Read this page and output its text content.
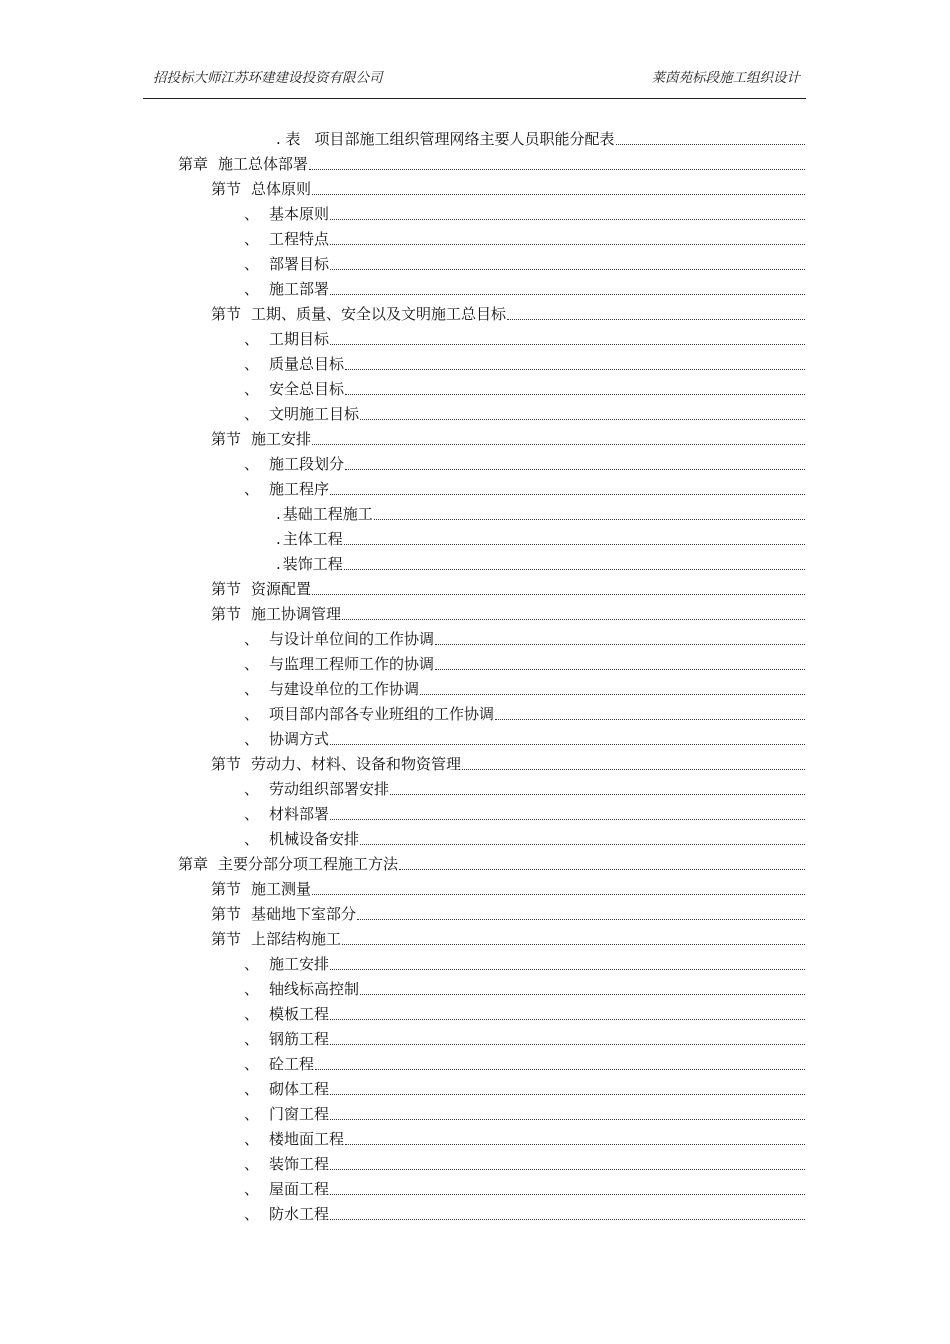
招投标大师江苏环建建设投资有限公司	莱茵苑标段施工组织设计
. 表 项目部施工组织管理网络主要人员职能分配表
第章 施工总体部署
第节 总体原则
、 基本原则
、 工程特点
、 部署目标
、 施工部署
第节 工期、质量、安全以及文明施工总目标
、 工期目标
、 质量总目标
、 安全总目标
、 文明施工目标
第节 施工安排
、 施工段划分
、 施工程序
. 基础工程施工
. 主体工程
. 装饰工程
第节 资源配置
第节 施工协调管理
、 与设计单位间的工作协调
、 与监理工程师工作的协调
、 与建设单位的工作协调
、 项目部内部各专业班组的工作协调
、 协调方式
第节 劳动力、材料、设备和物资管理
、 劳动组织部署安排
、 材料部署
、 机械设备安排
第章 主要分部分项工程施工方法
第节 施工测量
第节 基础地下室部分
第节 上部结构施工
、 施工安排
、 轴线标高控制
、 模板工程
、 钢筋工程
、 砼工程
、 砌体工程
、 门窗工程
、 楼地面工程
、 装饰工程
、 屋面工程
、 防水工程
